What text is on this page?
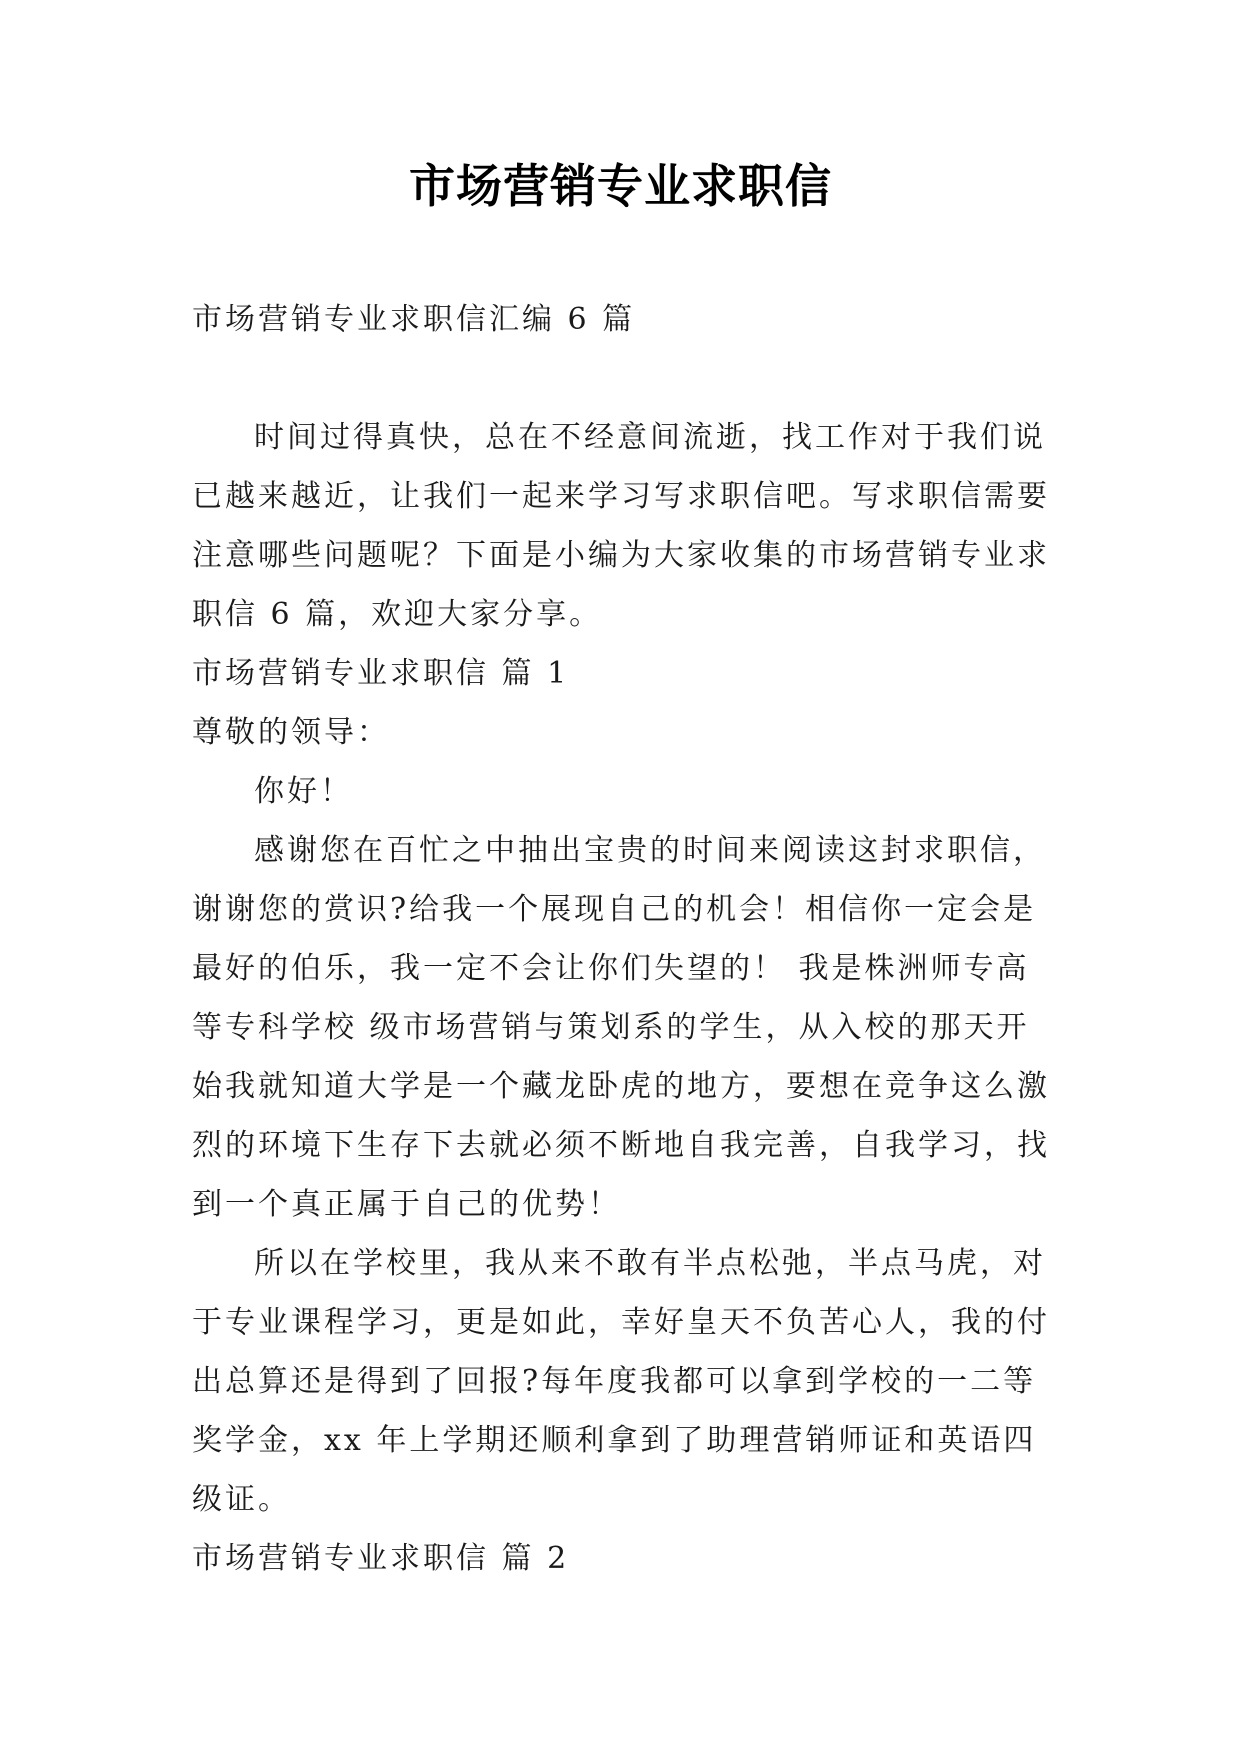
市场营销专业求职信

市场营销专业求职信汇编 6 篇

时间过得真快，总在不经意间流逝，找工作对于我们说已越来越近，让我们一起来学习写求职信吧。写求职信需要注意哪些问题呢？下面是小编为大家收集的市场营销专业求职信 6 篇，欢迎大家分享。

市场营销专业求职信 篇 1

尊敬的领导：

你好！

感谢您在百忙之中抽出宝贵的时间来阅读这封求职信，谢谢您的赏识?给我一个展现自己的机会！相信你一定会是最好的伯乐，我一定不会让你们失望的！ 我是株洲师专高等专科学校 级市场营销与策划系的学生，从入校的那天开始我就知道大学是一个藏龙卧虎的地方，要想在竞争这么激烈的环境下生存下去就必须不断地自我完善，自我学习，找到一个真正属于自己的优势！

所以在学校里，我从来不敢有半点松弛，半点马虎，对于专业课程学习，更是如此，幸好皇天不负苦心人，我的付出总算还是得到了回报?每年度我都可以拿到学校的一二等奖学金，xx 年上学期还顺利拿到了助理营销师证和英语四级证。

市场营销专业求职信 篇 2
